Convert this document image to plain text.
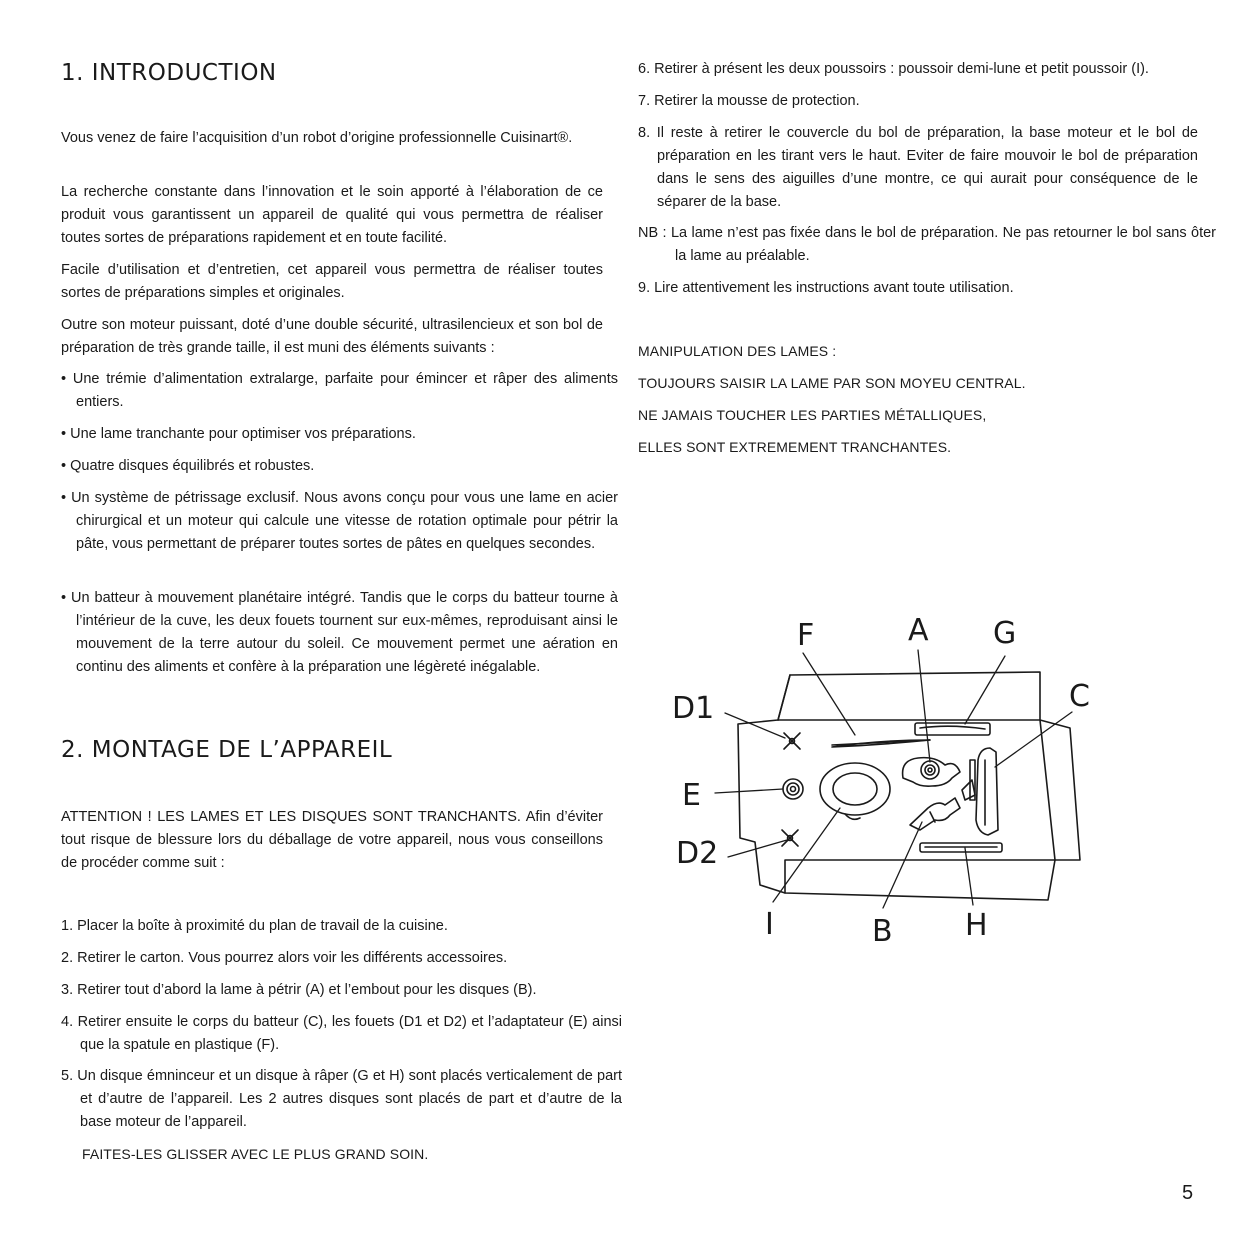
1. INTRODUCTION

Vous venez de faire l’acquisition d’un robot d’origine professionnelle Cuisinart®.

La recherche constante dans l’innovation et le soin apporté à l’élaboration de ce produit vous garantissent un appareil de qualité qui vous permettra de réaliser toutes sortes de préparations rapidement et en toute facilité.

Facile d’utilisation et d’entretien, cet appareil vous permettra de réaliser toutes sortes de préparations simples et originales.

Outre son moteur puissant, doté d’une double sécurité, ultrasilencieux et son bol de préparation de très grande taille, il est muni des éléments suivants :

• Une trémie d’alimentation extralarge, parfaite pour émincer et râper des aliments entiers.

• Une lame tranchante pour optimiser vos préparations.

• Quatre disques équilibrés et robustes.

• Un système de pétrissage exclusif. Nous avons conçu pour vous une lame en acier chirurgical et un moteur qui calcule une vitesse de rotation optimale pour pétrir la pâte, vous permettant de préparer toutes sortes de pâtes en quelques secondes.

• Un batteur à mouvement planétaire intégré. Tandis que le corps du batteur tourne à l’intérieur de la cuve, les deux fouets tournent sur eux-mêmes, reproduisant ainsi le mouvement de la terre autour du soleil. Ce mouvement permet une aération en continu des aliments et confère à la préparation une légèreté inégalable.

2. MONTAGE DE L’APPAREIL

ATTENTION ! LES LAMES ET LES DISQUES SONT TRANCHANTS. Afin d’éviter tout risque de blessure lors du déballage de votre appareil, nous vous conseillons de procéder comme suit :

1. Placer la boîte à proximité du plan de travail de la cuisine.

2. Retirer le carton. Vous pourrez alors voir les différents accessoires.

3. Retirer tout d’abord la lame à pétrir (A) et l’embout pour les disques (B).

4. Retirer ensuite le corps du batteur (C), les fouets (D1 et D2) et l’adaptateur (E) ainsi que la spatule en plastique (F).

5. Un disque émninceur et un disque à râper (G et H) sont placés verticalement de part et d’autre de l’appareil. Les 2 autres disques sont placés de part et d’autre de la base moteur de l’appareil.

FAITES-LES GLISSER AVEC LE PLUS GRAND SOIN.

6. Retirer à présent les deux poussoirs : poussoir demi-lune et petit poussoir (I).

7. Retirer la mousse de protection.

8. Il reste à retirer le couvercle du bol de préparation, la base moteur et le bol de préparation en les tirant vers le haut. Eviter de faire mouvoir le bol de préparation dans le sens des aiguilles d’une montre, ce qui aurait pour conséquence de le séparer de la base.

NB : La lame n’est pas fixée dans le bol de préparation. Ne pas retourner le bol sans ôter la lame au préalable.

9. Lire attentivement les instructions avant toute utilisation.

MANIPULATION DES LAMES :

TOUJOURS SAISIR LA LAME PAR SON MOYEU CENTRAL.

NE JAMAIS TOUCHER LES PARTIES MÉTALLIQUES,

ELLES SONT EXTREMEMENT TRANCHANTES.

F	A G
C
D1
E
D2
I	B H
5
